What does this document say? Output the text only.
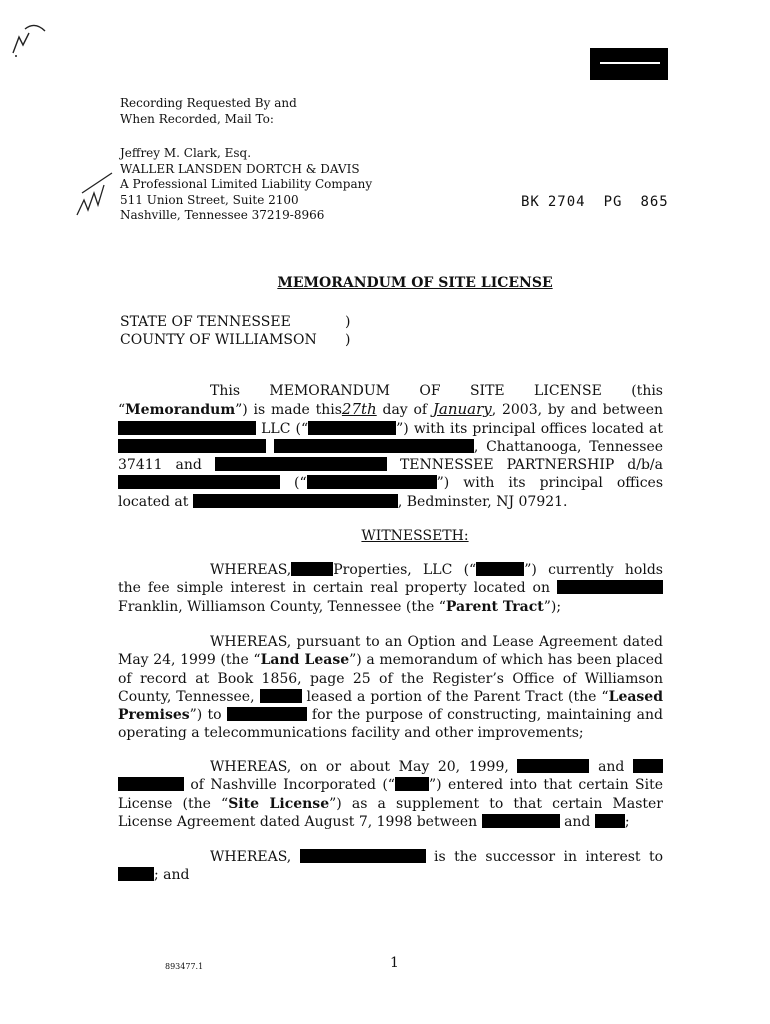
Recording Requested By and
When Recorded, Mail To:
Jeffrey M. Clark, Esq.
WALLER LANSDEN DORTCH & DAVIS
A Professional Limited Liability Company
511 Union Street, Suite 2100
Nashville, Tennessee 37219-8966
BK 2704 PG 865
MEMORANDUM OF SITE LICENSE
STATE OF TENNESSEE	)
COUNTY OF WILLIAMSON )
This MEMORANDUM OF SITE LICENSE (this “Memorandum”) is made this27th day of January, 2003, by and between  LLC (“	”) with its principal offices located at  , Chattanooga, Tennessee 37411 and	TENNESSEE PARTNERSHIP d/b/a  (“	”) with its principal offices located at	, Bedminster, NJ 07921.
WITNESSETH:
WHEREAS,	Properties, LLC (“	”) currently holds the fee simple interest in certain real property located on  Franklin, Williamson County, Tennessee (the “Parent Tract”);
WHEREAS, pursuant to an Option and Lease Agreement dated May 24, 1999 (the “Land Lease”) a memorandum of which has been placed of record at Book 1856, page 25 of the Register’s Office of Williamson County, Tennessee,	leased a portion of the Parent Tract (the “Leased Premises”) to	for the purpose of constructing, maintaining and operating a telecommunications facility and other improvements;
WHEREAS, on or about May 20, 1999,	and   of Nashville Incorporated (“ ”) entered into that certain Site License (the “Site License”) as a supplement to that certain Master License Agreement dated August 7, 1998 between	and ;
WHEREAS,	is the successor in interest to ; and
893477.1	1
